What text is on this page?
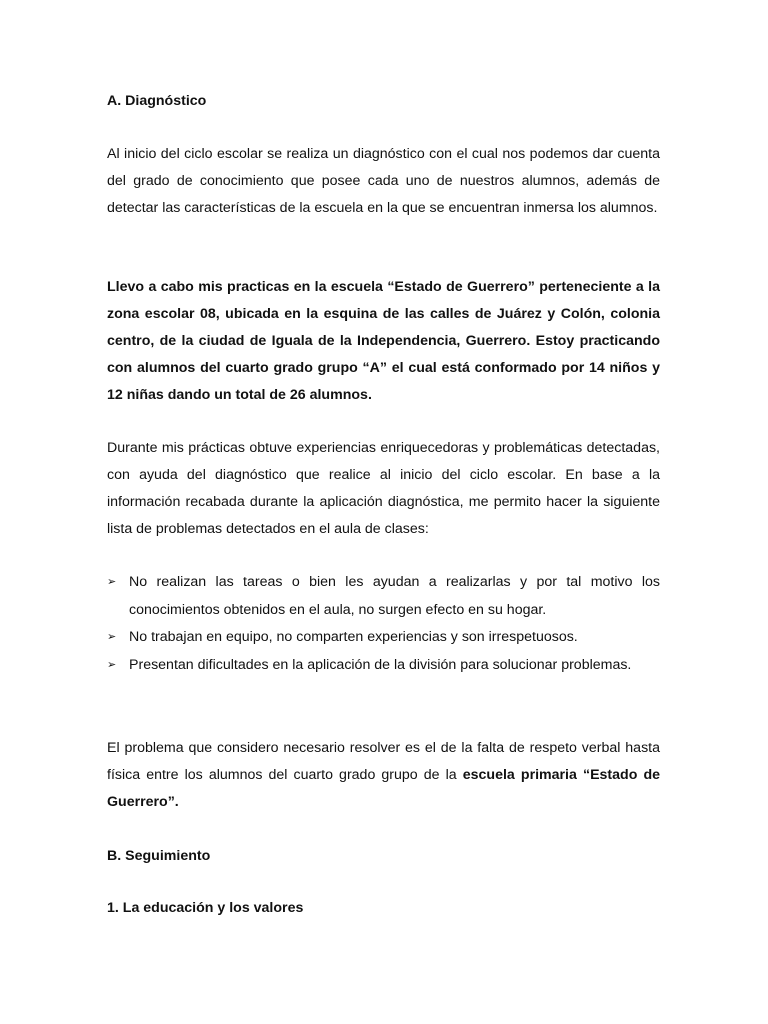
A. Diagnóstico

Al inicio del ciclo escolar se realiza un diagnóstico con el cual nos podemos dar cuenta del grado de conocimiento que posee cada uno de nuestros alumnos, además de detectar las características de la escuela en la que se encuentran inmersa los alumnos.

Llevo a cabo mis practicas en la escuela “Estado de Guerrero” perteneciente a la zona escolar 08, ubicada en la esquina de las calles de Juárez y Colón, colonia centro, de la ciudad de Iguala de la Independencia, Guerrero. Estoy practicando con alumnos del cuarto grado grupo “A” el cual está conformado por 14 niños y 12 niñas dando un total de 26 alumnos.

Durante mis prácticas obtuve experiencias enriquecedoras y problemáticas detectadas, con ayuda del diagnóstico que realice al inicio del ciclo escolar. En base a la información recabada durante la aplicación diagnóstica, me permito hacer la siguiente lista de problemas detectados en el aula de clases:

➢ No realizan las tareas o bien les ayudan a realizarlas y por tal motivo los conocimientos obtenidos en el aula, no surgen efecto en su hogar.
➢ No trabajan en equipo, no comparten experiencias y son irrespetuosos.
➢ Presentan dificultades en la aplicación de la división para solucionar problemas.

El problema que considero necesario resolver es el de la falta de respeto verbal hasta física entre los alumnos del cuarto grado grupo de la escuela primaria “Estado de Guerrero”.

B. Seguimiento
1. La educación y los valores
